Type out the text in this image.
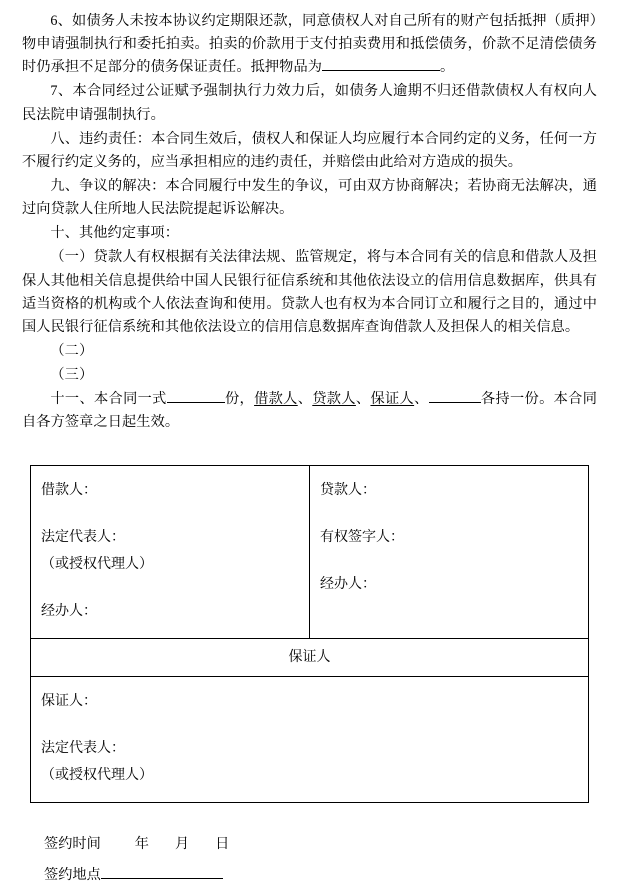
6、如债务人未按本协议约定期限还款，同意债权人对自己所有的财产包括抵押（质押）物申请强制执行和委托拍卖。拍卖的价款用于支付拍卖费用和抵偿债务，价款不足清偿债务时仍承担不足部分的债务保证责任。抵押物品为	。

7、本合同经过公证赋予强制执行力效力后，如债务人逾期不归还借款债权人有权向人民法院申请强制执行。

八、违约责任：本合同生效后，债权人和保证人均应履行本合同约定的义务，任何一方不履行约定义务的，应当承担相应的违约责任，并赔偿由此给对方造成的损失。

九、争议的解决：本合同履行中发生的争议，可由双方协商解决；若协商无法解决，通过向贷款人住所地人民法院提起诉讼解决。

十、其他约定事项：

（一）贷款人有权根据有关法律法规、监管规定，将与本合同有关的信息和借款人及担保人其他相关信息提供给中国人民银行征信系统和其他依法设立的信用信息数据库，供具有适当资格的机构或个人依法查询和使用。贷款人也有权为本合同订立和履行之目的，通过中国人民银行征信系统和其他依法设立的信用信息数据库查询借款人及担保人的相关信息。

（二）

（三）

十一、本合同一式	份，借款人、贷款人、保证人、	各持一份。本合同自各方签章之日起生效。

借款人：

法定代表人：

（或授权代理人）

经办人：

贷款人：

有权签字人：

经办人：

保证人

保证人：

法定代表人：

（或授权代理人）

签约时间 年 月 日
签约地点
